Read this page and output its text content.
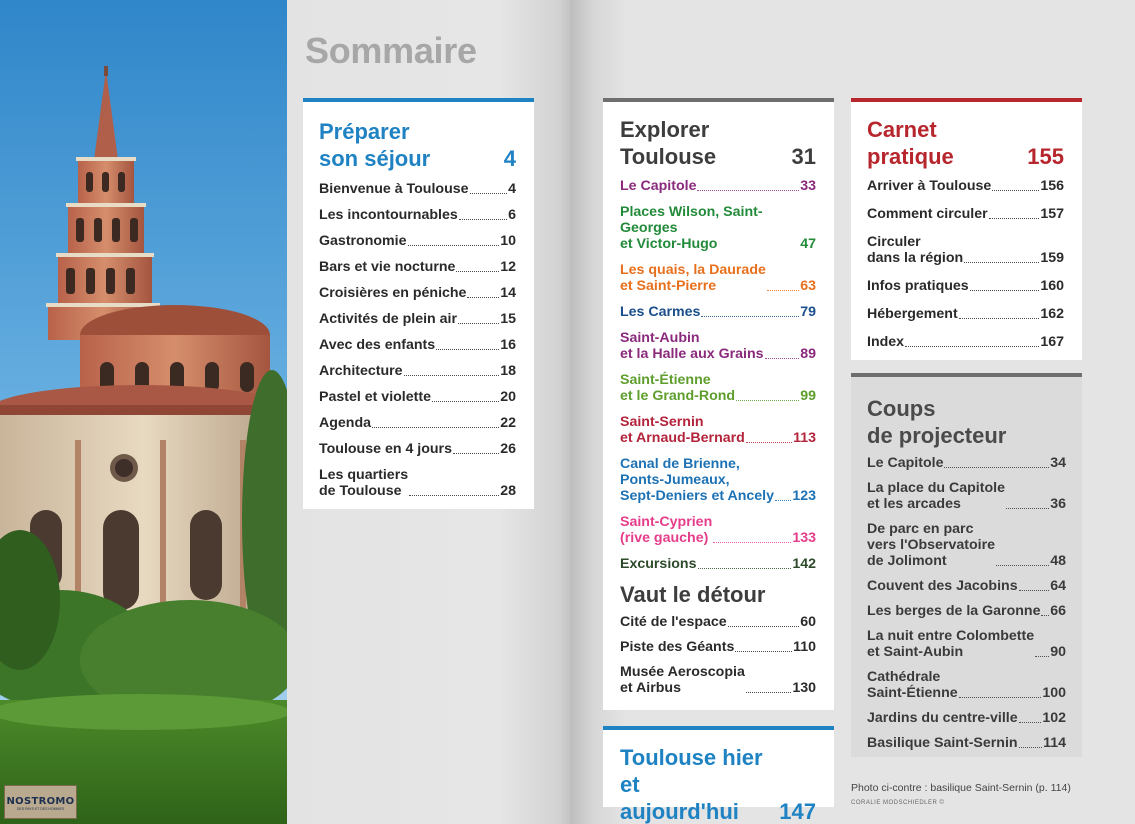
NOSTROMO
DES PAYS ET DES HOMMES
Sommaire
Préparer
son séjour	4
Bienvenue à Toulouse	4
Les incontournables	6
Gastronomie	10
Bars et vie nocturne	12
Croisières en péniche 14
Activités de plein air	15
Avec des enfants	16
Architecture	18
Pastel et violette	20
Agenda	22
Toulouse en 4 jours	26
Les quartiers
de Toulouse	28
Explorer
Toulouse	31
Le Capitole	33
Places Wilson, Saint-Georges
et Victor-Hugo	47
Les quais, la Daurade
et Saint-Pierre	63
Les Carmes	79
Saint-Aubin
et la Halle aux Grains	89
Saint-Étienne
et le Grand-Rond	99
Saint-Sernin
et Arnaud-Bernard	113
Canal de Brienne,
Ponts-Jumeaux,
Sept-Deniers et Ancely 123
Saint-Cyprien
(rive gauche)	133
Excursions	142
Vaut le détour
Cité de l'espace	60
Piste des Géants	110
Musée Aeroscopia
et Airbus	130
Toulouse hier et
aujourd'hui	147
Carnet
pratique	155
Arriver à Toulouse	156
Comment circuler	157
Circuler
dans la région	159
Infos pratiques	160
Hébergement	162
Index	167
Coups
de projecteur
Le Capitole	34
La place du Capitole
et les arcades	36
De parc en parc
vers l'Observatoire
de Jolimont	48
Couvent des Jacobins 64
Les berges de la Garonne 66
La nuit entre Colombette
et Saint-Aubin	90
Cathédrale
Saint-Étienne	100
Jardins du centre-ville 102
Basilique Saint-Sernin 114
Photo ci-contre : basilique Saint-Sernin (p. 114)
CORALIE MODSCHIEDLER ©
